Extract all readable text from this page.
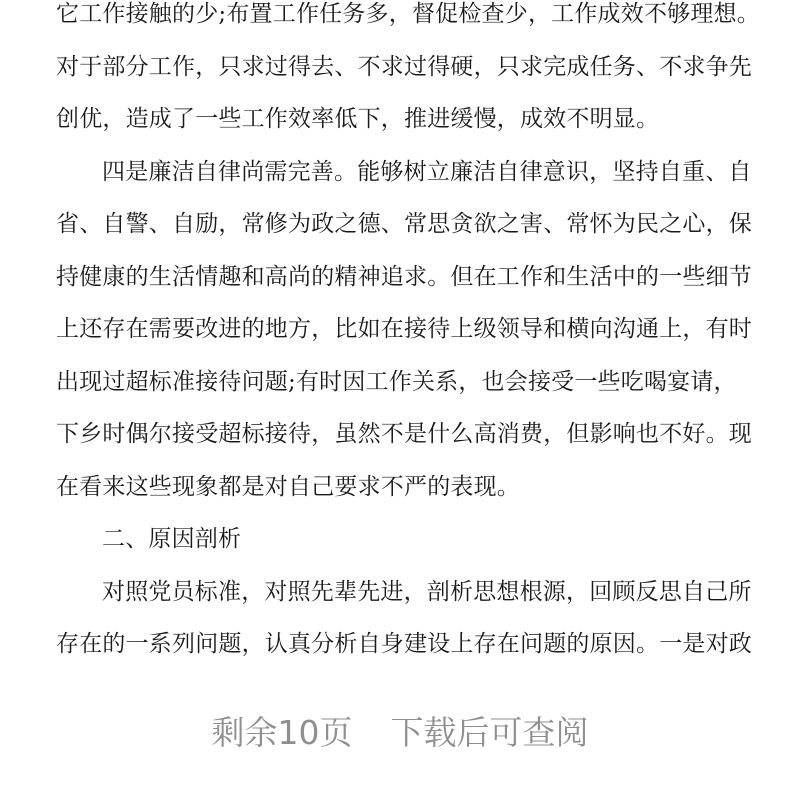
它工作接触的少;布置工作任务多，督促检查少，工作成效不够理想。
对于部分工作，只求过得去、不求过得硬，只求完成任务、不求争先
创优，造成了一些工作效率低下，推进缓慢，成效不明显。
四是廉洁自律尚需完善。能够树立廉洁自律意识，坚持自重、自
省、自警、自励，常修为政之德、常思贪欲之害、常怀为民之心，保
持健康的生活情趣和高尚的精神追求。但在工作和生活中的一些细节
上还存在需要改进的地方，比如在接待上级领导和横向沟通上，有时
出现过超标准接待问题;有时因工作关系，也会接受一些吃喝宴请，
下乡时偶尔接受超标接待，虽然不是什么高消费，但影响也不好。现
在看来这些现象都是对自己要求不严的表现。
二、原因剖析
对照党员标准，对照先辈先进，剖析思想根源，回顾反思自己所
存在的一系列问题，认真分析自身建设上存在问题的原因。一是对政
剩余10页 下载后可查阅
